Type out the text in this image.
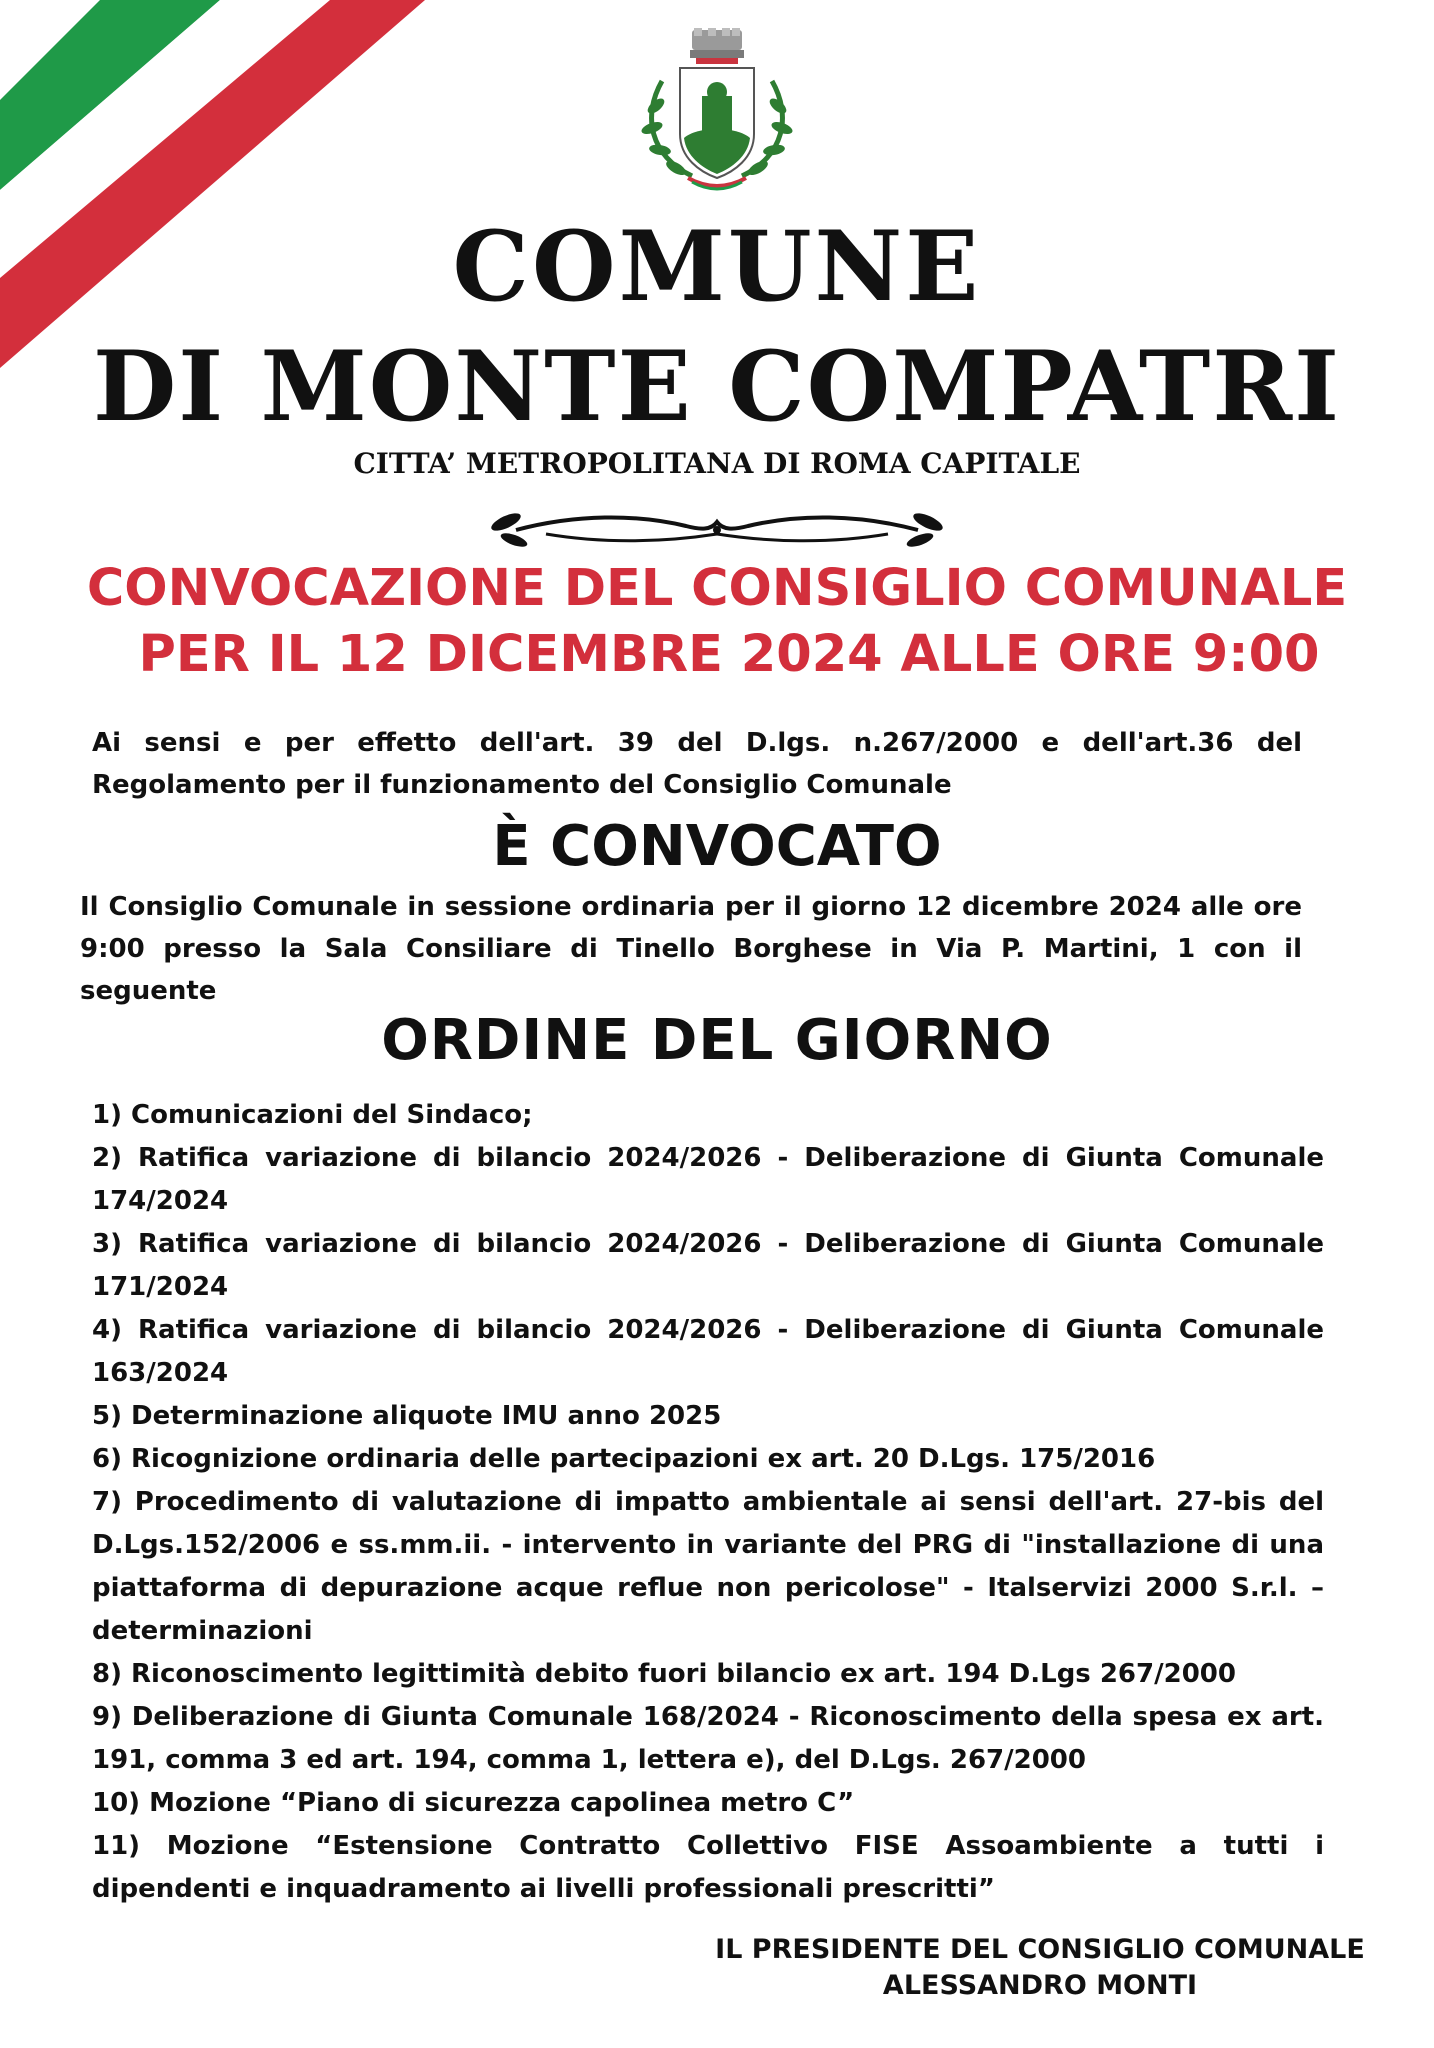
COMUNE
DI MONTE COMPATRI
CITTA’ METROPOLITANA DI ROMA CAPITALE
CONVOCAZIONE DEL CONSIGLIO COMUNALE
PER IL 12 DICEMBRE 2024 ALLE ORE 9:00
Ai sensi e per effetto dell'art. 39 del D.lgs. n.267/2000 e dell'art.36 del Regolamento per il funzionamento del Consiglio Comunale
È CONVOCATO
Il Consiglio Comunale in sessione ordinaria per il giorno 12 dicembre 2024 alle ore 9:00 presso la Sala Consiliare di Tinello Borghese in Via P. Martini, 1 con il seguente
ORDINE DEL GIORNO
1) Comunicazioni del Sindaco;
2) Ratifica variazione di bilancio 2024/2026 - Deliberazione di Giunta Comunale 174/2024
3) Ratifica variazione di bilancio 2024/2026 - Deliberazione di Giunta Comunale 171/2024
4) Ratifica variazione di bilancio 2024/2026 - Deliberazione di Giunta Comunale 163/2024
5) Determinazione aliquote IMU anno 2025
6) Ricognizione ordinaria delle partecipazioni ex art. 20 D.Lgs. 175/2016
7) Procedimento di valutazione di impatto ambientale ai sensi dell'art. 27-bis del D.Lgs.152/2006 e ss.mm.ii. - intervento in variante del PRG di "installazione di una piattaforma di depurazione acque reflue non pericolose" - Italservizi 2000 S.r.l. – determinazioni
8) Riconoscimento legittimità debito fuori bilancio ex art. 194 D.Lgs 267/2000
9) Deliberazione di Giunta Comunale 168/2024 - Riconoscimento della spesa ex art. 191, comma 3 ed art. 194, comma 1, lettera e), del D.Lgs. 267/2000
10) Mozione “Piano di sicurezza capolinea metro C”
11) Mozione “Estensione Contratto Collettivo FISE Assoambiente a tutti i dipendenti e inquadramento ai livelli professionali prescritti”
IL PRESIDENTE DEL CONSIGLIO COMUNALE
ALESSANDRO MONTI
